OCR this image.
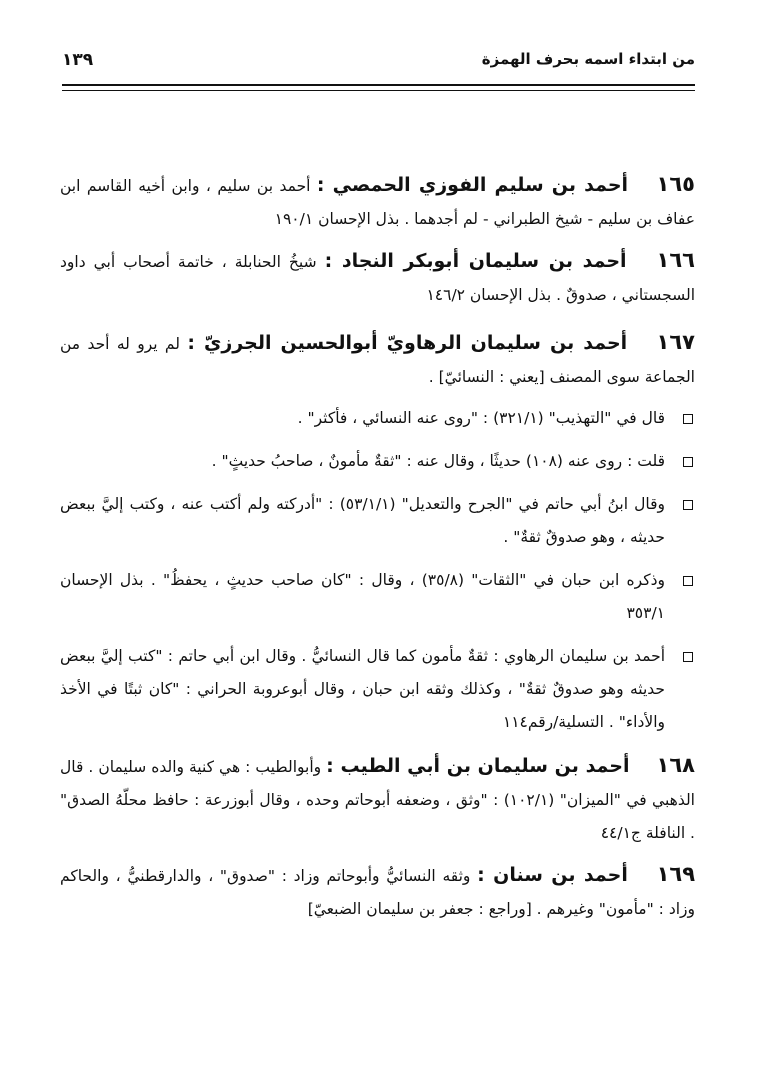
من ابتداء اسمه بحرف الهمزة
١٣٩

١٦٥ أحمد بن سليم الفوزي الحمصي : أحمد بن سليم ، وابن أخيه القاسم ابن عفاف بن سليم - شيخ الطبراني - لم أجدهما . بذل الإحسان ١٩٠/١

١٦٦ أحمد بن سليمان أبوبكر النجاد : شيخُ الحنابلة ، خاتمة أصحاب أبي داود السجستاني ، صدوقٌ . بذل الإحسان ١٤٦/٢

١٦٧ أحمد بن سليمان الرهاويّ أبوالحسين الجرزيّ : لم يرو له أحد من الجماعة سوى المصنف [يعني : النسائيّ] .

قال في "التهذيب" (٣٢١/١) : "روى عنه النسائي ، فأكثر" .
قلت : روى عنه (١٠٨) حديثًا ، وقال عنه : "ثقةٌ مأمونٌ ، صاحبُ حديثٍ" .
وقال ابنُ أبي حاتم في "الجرح والتعديل" (٥٣/١/١) : "أدركته ولم أكتب عنه ، وكتب إليَّ ببعض حديثه ، وهو صدوقٌ ثقةٌ" .
وذكره ابن حبان في "الثقات" (٣٥/٨) ، وقال : "كان صاحب حديثٍ ، يحفظُ" . بذل الإحسان ٣٥٣/١
أحمد بن سليمان الرهاوي : ثقةٌ مأمون كما قال النسائيُّ . وقال ابن أبي حاتم : "كتب إليَّ ببعض حديثه وهو صدوقٌ ثقةٌ" ، وكذلك وثقه ابن حبان ، وقال أبوعروبة الحراني : "كان ثبتًا في الأخذ والأداء" . التسلية/رقم١١٤

١٦٨ أحمد بن سليمان بن أبي الطيب : وأبوالطيب : هي كنية والده سليمان . قال الذهبي في "الميزان" (١٠٢/١) : "وثق ، وضعفه أبوحاتم وحده ، وقال أبوزرعة : حافظ محلّهُ الصدق" . النافلة ج٤٤/١

١٦٩ أحمد بن سنان : وثقه النسائيُّ وأبوحاتم وزاد : "صدوق" ، والدارقطنيُّ ، والحاكم وزاد : "مأمون" وغيرهم . [وراجع : جعفر بن سليمان الضبعيّ]
